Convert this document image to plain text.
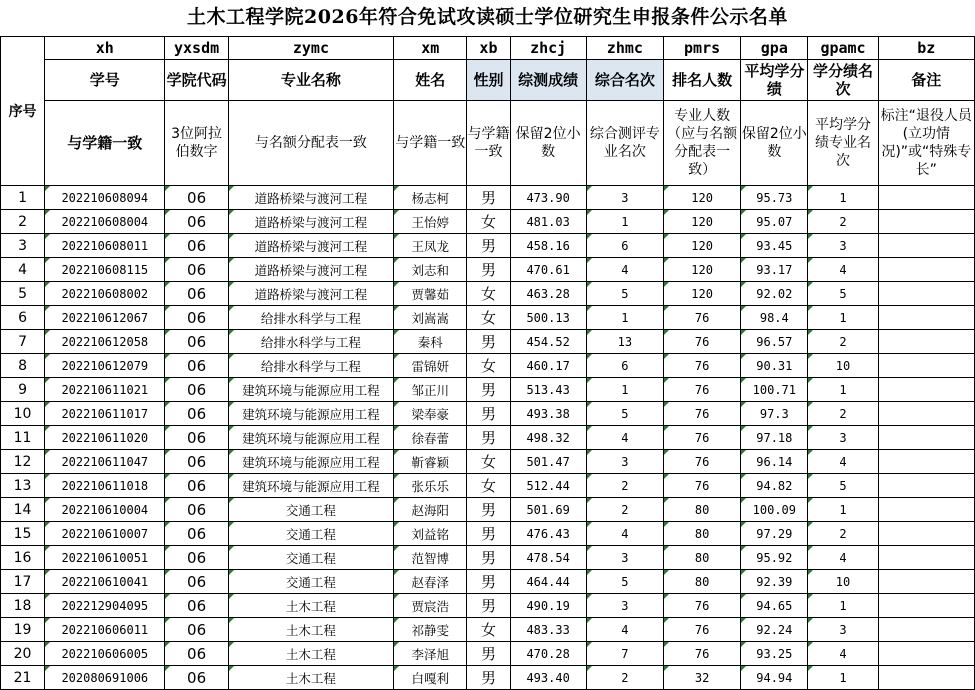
土木工程学院2026年符合免试攻读硕士学位研究生申报条件公示名单
序号	xh	yxsdm	zymc	xm	xb	zhcj	zhmc	pmrs	gpa	gpamc	bz
	学号	学院代码	专业名称	姓名	性别	综测成绩	综合名次	排名人数	平均学分绩	学分绩名次	备注
	与学籍一致	3位阿拉伯数字	与名额分配表一致	与学籍一致	与学籍一致	保留2位小数	综合测评专业名次	专业人数（应与名额分配表一致）	保留2位小数	平均学分绩专业名次	标注“退役人员(立功情况)”或“特殊专长”
1	202210608094	06	道路桥梁与渡河工程	杨志柯	男	473.90	3	120	95.73	1	
2	202210608004	06	道路桥梁与渡河工程	王怡婷	女	481.03	1	120	95.07	2	
3	202210608011	06	道路桥梁与渡河工程	王凤龙	男	458.16	6	120	93.45	3	
4	202210608115	06	道路桥梁与渡河工程	刘志和	男	470.61	4	120	93.17	4	
5	202210608002	06	道路桥梁与渡河工程	贾馨茹	女	463.28	5	120	92.02	5	
6	202210612067	06	给排水科学与工程	刘嵩嵩	女	500.13	1	76	98.4	1	
7	202210612058	06	给排水科学与工程	秦科	男	454.52	13	76	96.57	2	
8	202210612079	06	给排水科学与工程	雷锦妍	女	460.17	6	76	90.31	10	
9	202210611021	06	建筑环境与能源应用工程	邹正川	男	513.43	1	76	100.71	1	
10	202210611017	06	建筑环境与能源应用工程	梁奉豪	男	493.38	5	76	97.3	2	
11	202210611020	06	建筑环境与能源应用工程	徐春蕾	男	498.32	4	76	97.18	3	
12	202210611047	06	建筑环境与能源应用工程	靳睿颖	女	501.47	3	76	96.14	4	
13	202210611018	06	建筑环境与能源应用工程	张乐乐	女	512.44	2	76	94.82	5	
14	202210610004	06	交通工程	赵海阳	男	501.69	2	80	100.09	1	
15	202210610007	06	交通工程	刘益铭	男	476.43	4	80	97.29	2	
16	202210610051	06	交通工程	范智博	男	478.54	3	80	95.92	4	
17	202210610041	06	交通工程	赵春泽	男	464.44	5	80	92.39	10	
18	202212904095	06	土木工程	贾宸浩	男	490.19	3	76	94.65	1	
19	202210606011	06	土木工程	祁静雯	女	483.33	4	76	92.24	3	
20	202210606005	06	土木工程	李泽旭	男	470.28	7	76	93.25	4	
21	202080691006	06	土木工程	白嘎利	男	493.40	2	32	94.94	1	
